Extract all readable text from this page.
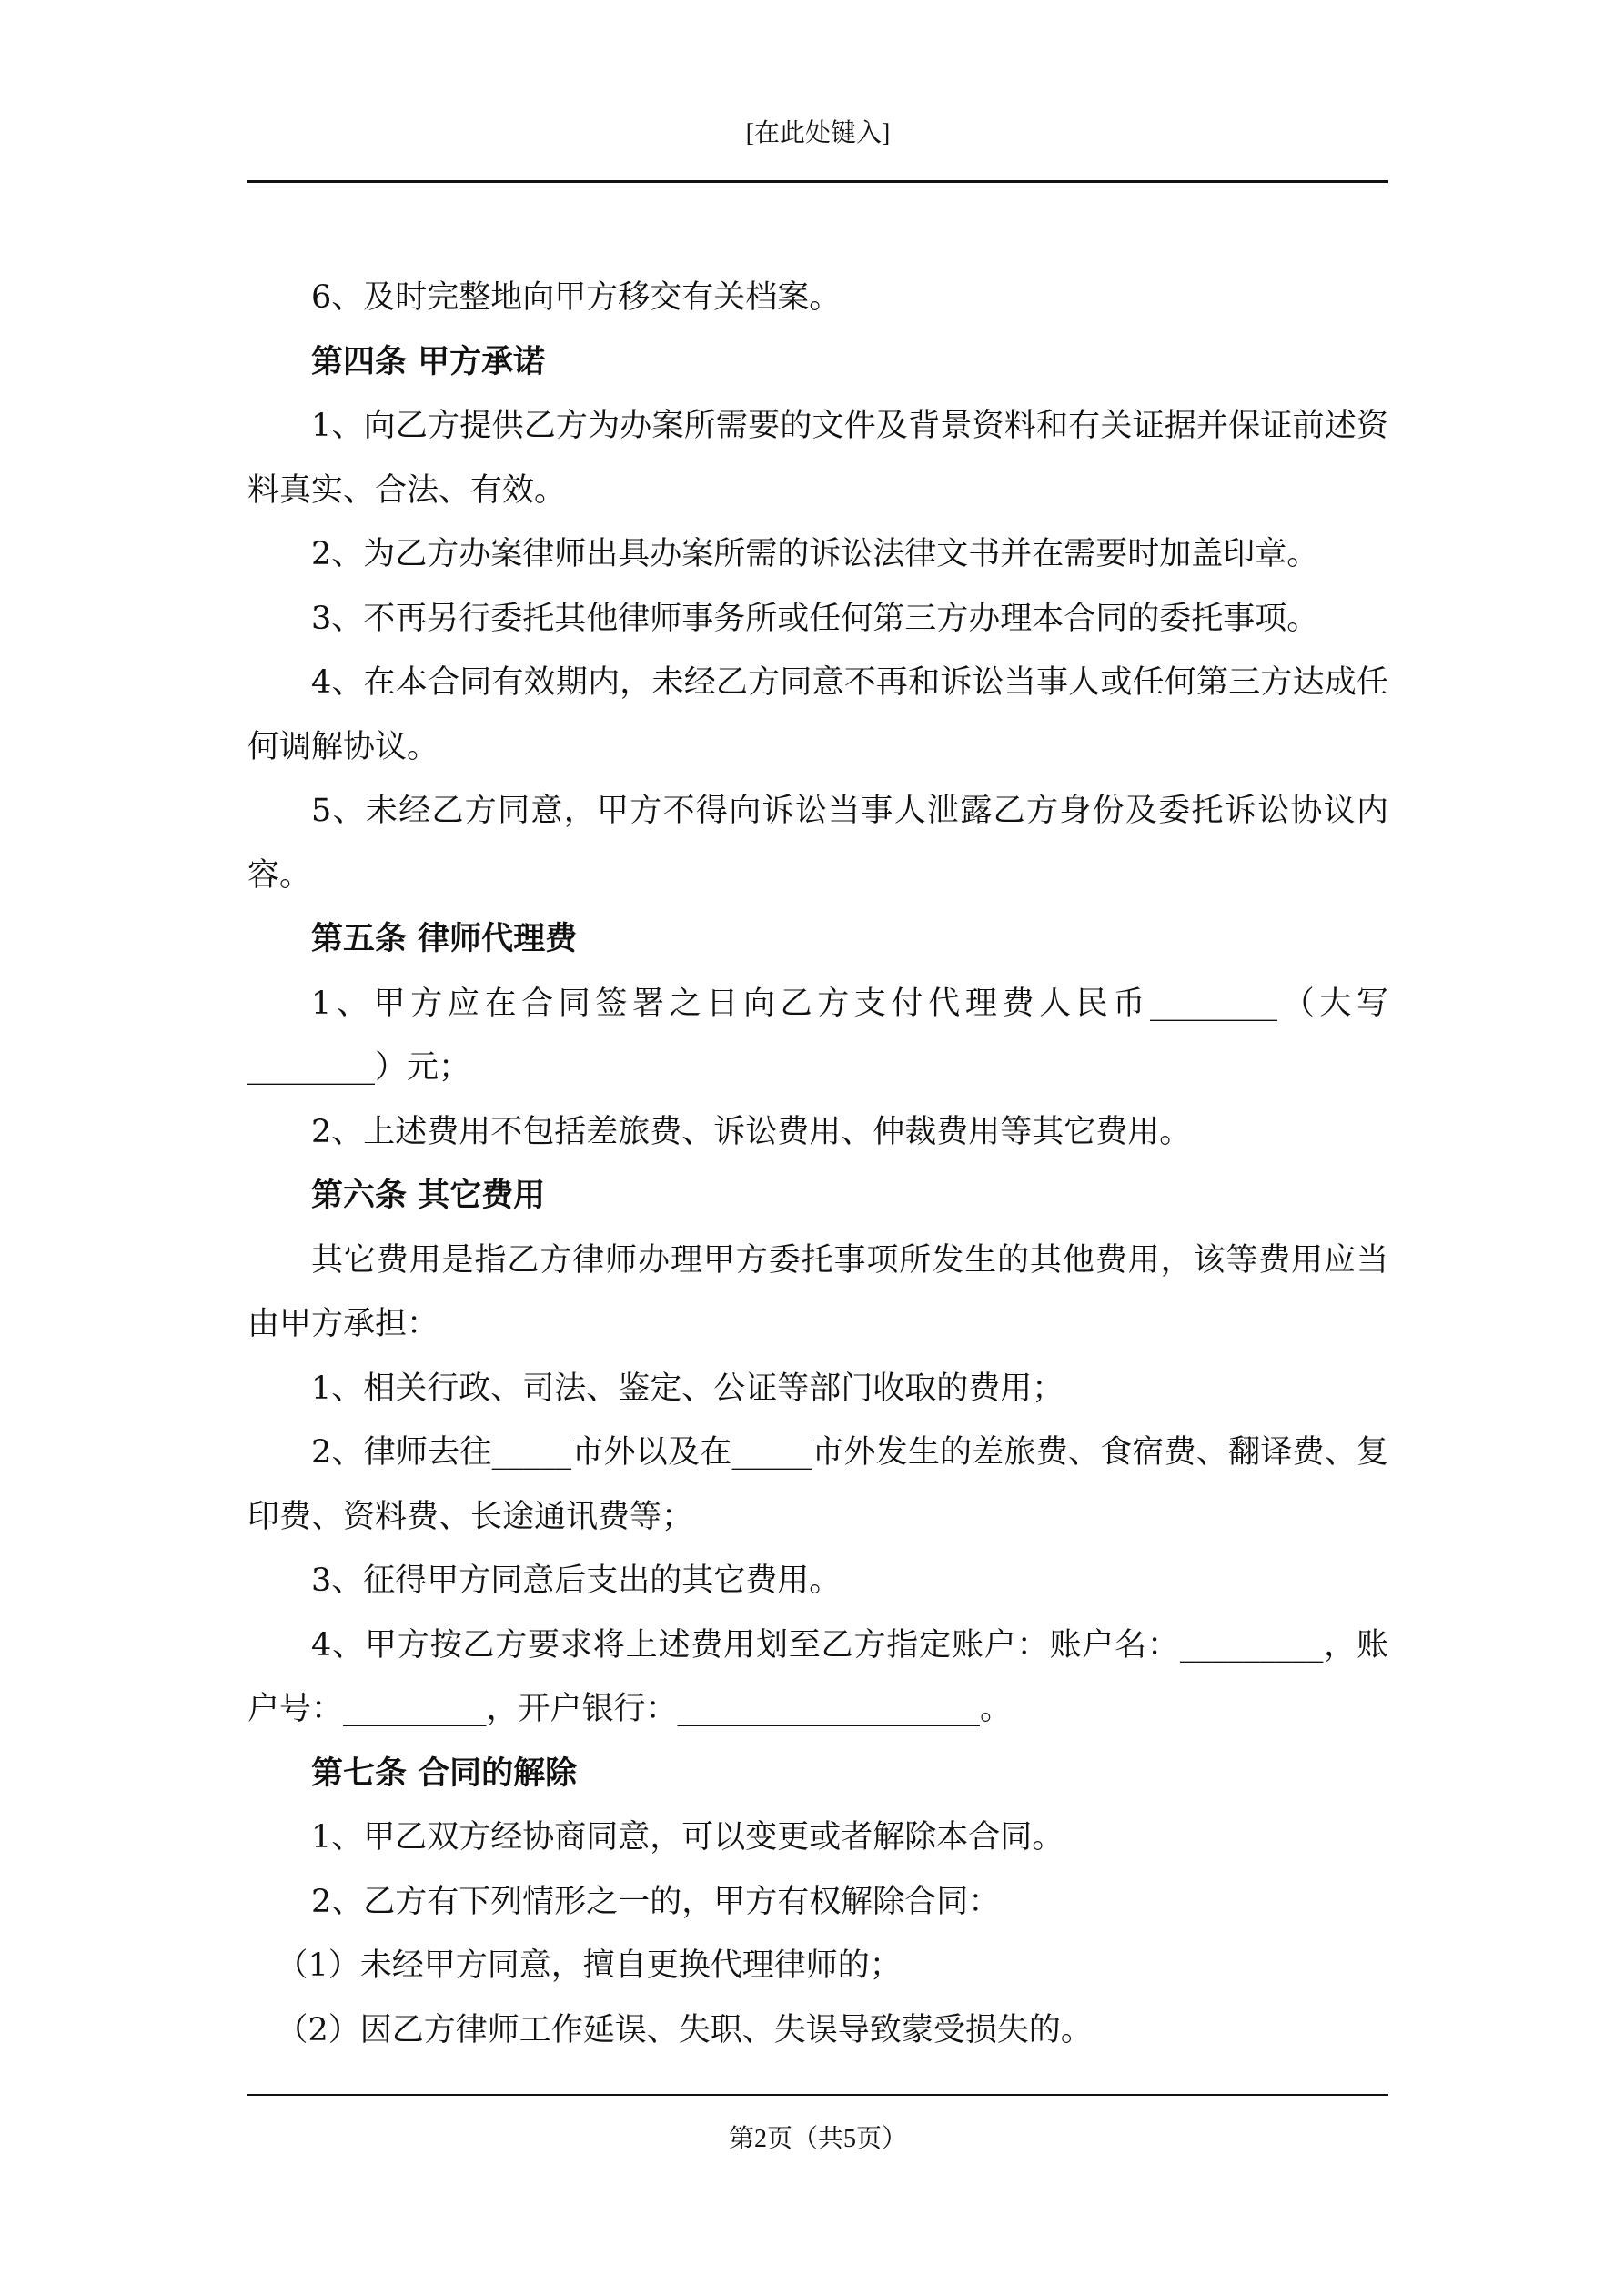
[在此处键入]

6、及时完整地向甲方移交有关档案。

第四条 甲方承诺

1、向乙方提供乙方为办案所需要的文件及背景资料和有关证据并保证前述资料真实、合法、有效。

2、为乙方办案律师出具办案所需的诉讼法律文书并在需要时加盖印章。

3、不再另行委托其他律师事务所或任何第三方办理本合同的委托事项。

4、在本合同有效期内，未经乙方同意不再和诉讼当事人或任何第三方达成任何调解协议。

5、未经乙方同意，甲方不得向诉讼当事人泄露乙方身份及委托诉讼协议内容。

第五条 律师代理费

1、甲方应在合同签署之日向乙方支付代理费人民币________（大写________）元；

2、上述费用不包括差旅费、诉讼费用、仲裁费用等其它费用。

第六条 其它费用

其它费用是指乙方律师办理甲方委托事项所发生的其他费用，该等费用应当由甲方承担：

1、相关行政、司法、鉴定、公证等部门收取的费用；

2、律师去往_____市外以及在_____市外发生的差旅费、食宿费、翻译费、复印费、资料费、长途通讯费等；

3、征得甲方同意后支出的其它费用。

4、甲方按乙方要求将上述费用划至乙方指定账户：账户名：_________，账户号：_________，开户银行：___________________。

第七条 合同的解除

1、甲乙双方经协商同意，可以变更或者解除本合同。

2、乙方有下列情形之一的，甲方有权解除合同：

（1）未经甲方同意，擅自更换代理律师的；

（2）因乙方律师工作延误、失职、失误导致蒙受损失的。

第2页（共5页）
